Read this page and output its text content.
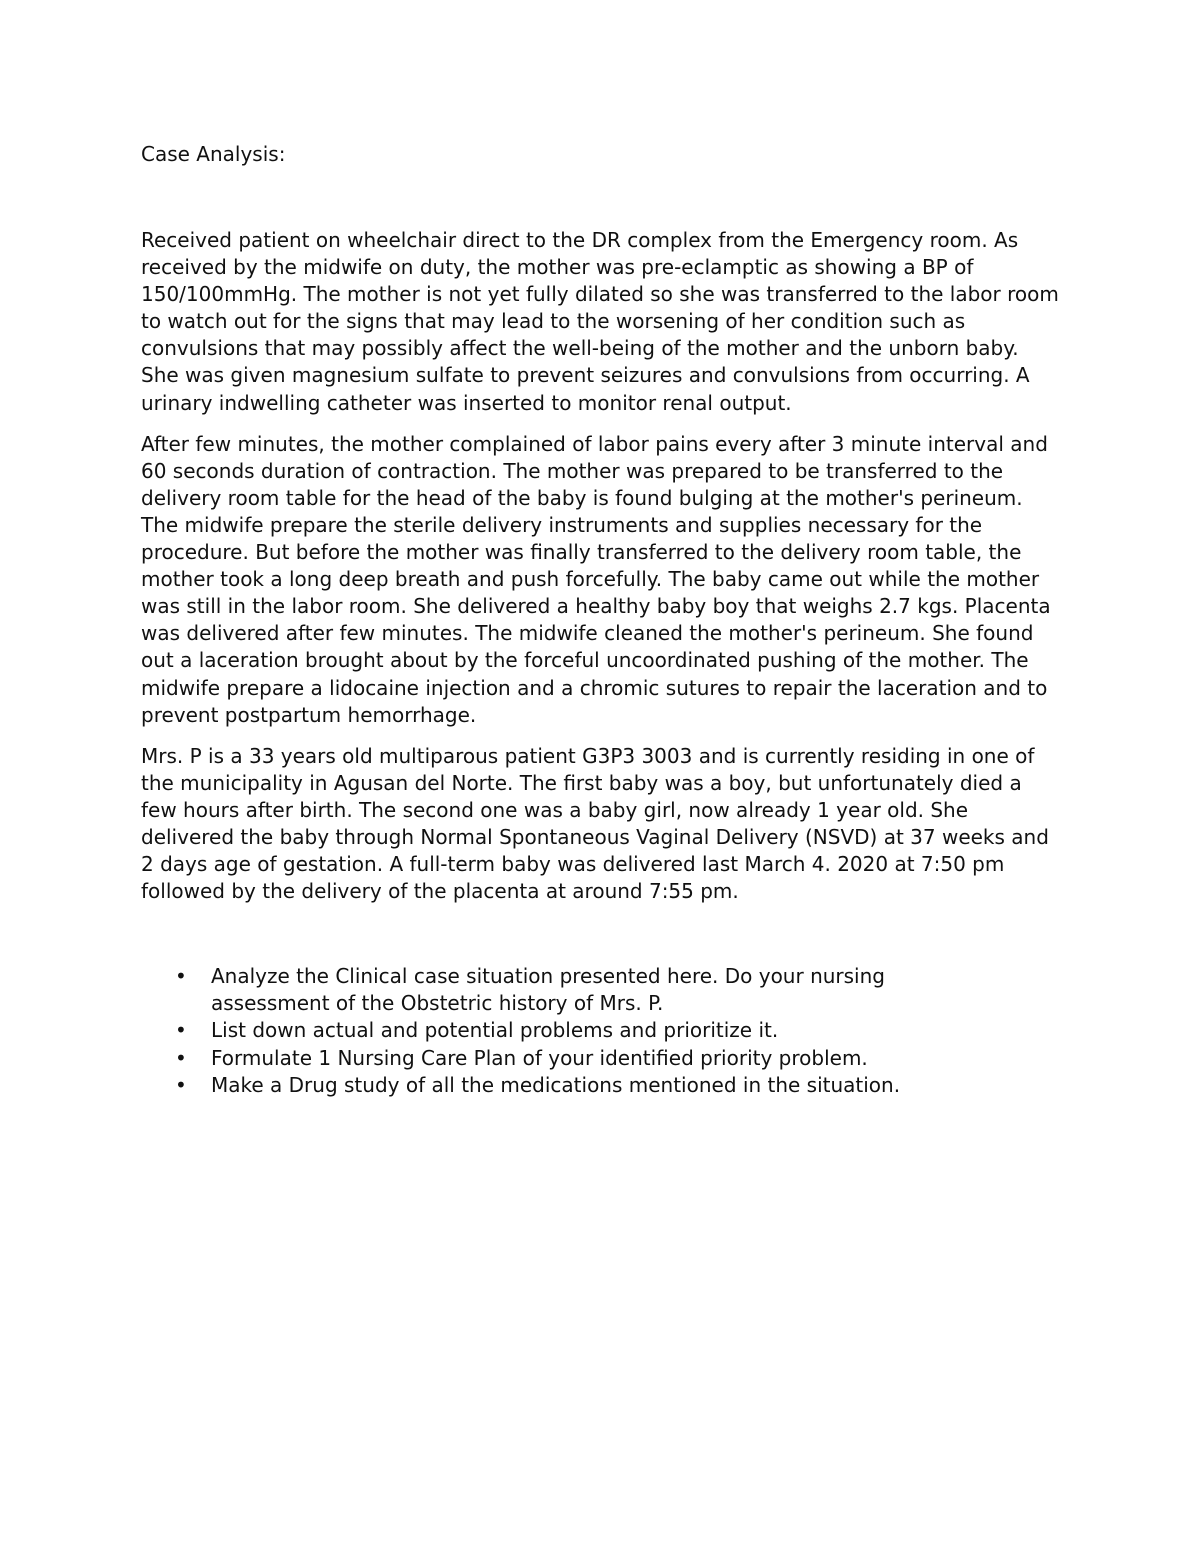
Case Analysis:

Received patient on wheelchair direct to the DR complex from the Emergency room. As received by the midwife on duty, the mother was pre-eclamptic as showing a BP of 150/100mmHg. The mother is not yet fully dilated so she was transferred to the labor room to watch out for the signs that may lead to the worsening of her condition such as convulsions that may possibly affect the well-being of the mother and the unborn baby. She was given magnesium sulfate to prevent seizures and convulsions from occurring. A urinary indwelling catheter was inserted to monitor renal output.

After few minutes, the mother complained of labor pains every after 3 minute interval and 60 seconds duration of contraction. The mother was prepared to be transferred to the delivery room table for the head of the baby is found bulging at the mother's perineum. The midwife prepare the sterile delivery instruments and supplies necessary for the procedure. But before the mother was finally transferred to the delivery room table, the mother took a long deep breath and push forcefully. The baby came out while the mother was still in the labor room. She delivered a healthy baby boy that weighs 2.7 kgs. Placenta was delivered after few minutes. The midwife cleaned the mother's perineum. She found out a laceration brought about by the forceful uncoordinated pushing of the mother. The midwife prepare a lidocaine injection and a chromic sutures to repair the laceration and to prevent postpartum hemorrhage.

Mrs. P is a 33 years old multiparous patient G3P3 3003 and is currently residing in one of the municipality in Agusan del Norte. The first baby was a boy, but unfortunately died a few hours after birth. The second one was a baby girl, now already 1 year old. She delivered the baby through Normal Spontaneous Vaginal Delivery (NSVD) at 37 weeks and 2 days age of gestation. A full-term baby was delivered last March 4. 2020 at 7:50 pm followed by the delivery of the placenta at around 7:55 pm.

• Analyze the Clinical case situation presented here. Do your nursing assessment of the Obstetric history of Mrs. P.
• List down actual and potential problems and prioritize it.
• Formulate 1 Nursing Care Plan of your identified priority problem.
• Make a Drug study of all the medications mentioned in the situation.
